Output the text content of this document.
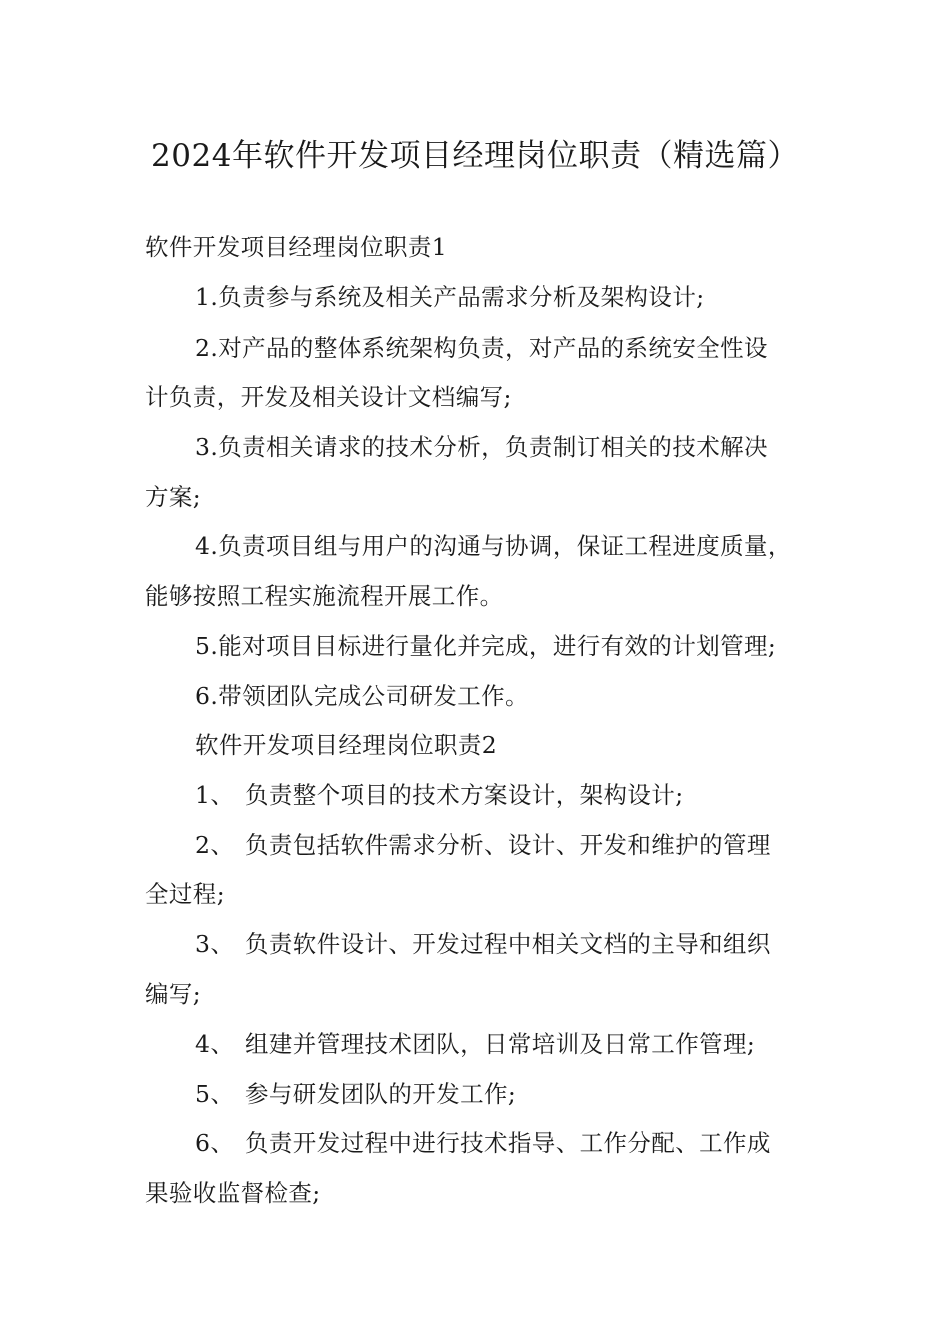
2024年软件开发项目经理岗位职责（精选篇）
软件开发项目经理岗位职责1
1.负责参与系统及相关产品需求分析及架构设计;
2.对产品的整体系统架构负责，对产品的系统安全性设
计负责，开发及相关设计文档编写;
3.负责相关请求的技术分析，负责制订相关的技术解决
方案;
4.负责项目组与用户的沟通与协调，保证工程进度质量，
能够按照工程实施流程开展工作。
5.能对项目目标进行量化并完成，进行有效的计划管理;
6.带领团队完成公司研发工作。
软件开发项目经理岗位职责2
1、 负责整个项目的技术方案设计，架构设计;
2、 负责包括软件需求分析、设计、开发和维护的管理
全过程;
3、 负责软件设计、开发过程中相关文档的主导和组织
编写;
4、 组建并管理技术团队，日常培训及日常工作管理;
5、 参与研发团队的开发工作;
6、 负责开发过程中进行技术指导、工作分配、工作成
果验收监督检查;
